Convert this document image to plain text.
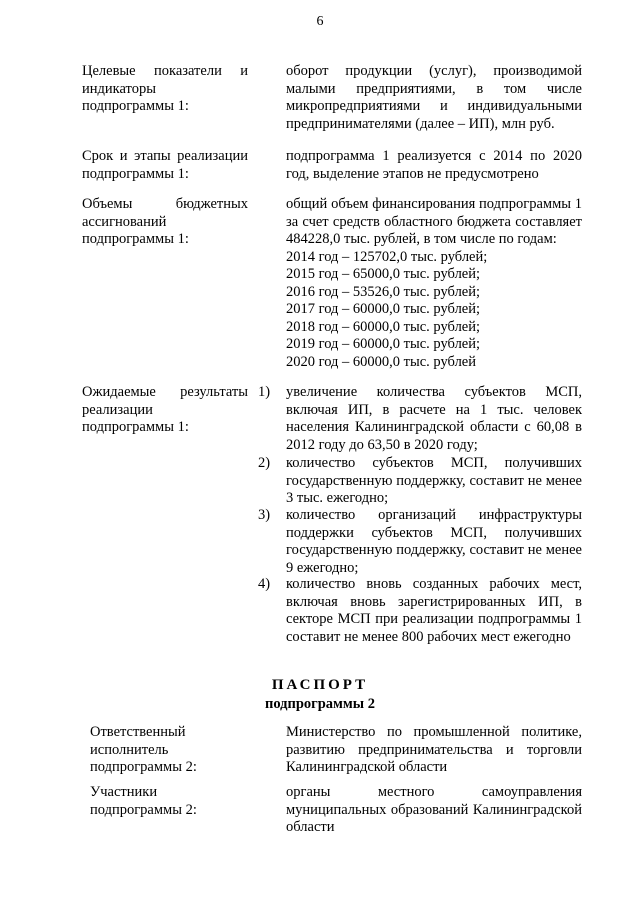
6
Целевые показатели и индикаторы подпрограммы 1:
оборот продукции (услуг), производимой малыми предприятиями, в том числе микропредприятиями и индивидуальными предпринимателями (далее – ИП), млн руб.
Срок и этапы реализации подпрограммы 1:
подпрограмма 1 реализуется с 2014 по 2020 год, выделение этапов не предусмотрено
Объемы бюджетных ассигнований подпрограммы 1:
общий объем финансирования подпрограммы 1 за счет средств областного бюджета составляет 484228,0 тыс. рублей, в том числе по годам:
2014 год – 125702,0 тыс. рублей;
2015 год – 65000,0 тыс. рублей;
2016 год – 53526,0 тыс. рублей;
2017 год – 60000,0 тыс. рублей;
2018 год – 60000,0 тыс. рублей;
2019 год – 60000,0 тыс. рублей;
2020 год – 60000,0 тыс. рублей
Ожидаемые результаты реализации подпрограммы 1:
1)	увеличение количества субъектов МСП, включая ИП, в расчете на 1 тыс. человек населения Калининградской области с 60,08 в 2012 году до 63,50 в 2020 году;
2)	количество субъектов МСП, получивших государственную поддержку, составит не менее 3 тыс. ежегодно;
3)	количество организаций инфраструктуры поддержки субъектов МСП, получивших государственную поддержку, составит не менее 9 ежегодно;
4)	количество вновь созданных рабочих мест, включая вновь зарегистрированных ИП, в секторе МСП при реализации подпрограммы 1 составит не менее 800 рабочих мест ежегодно
ПАСПОРТ
подпрограммы 2
Ответственный исполнитель подпрограммы 2:
Министерство по промышленной политике, развитию предпринимательства и торговли Калининградской области
Участники подпрограммы 2:
органы местного самоуправления муниципальных образований Калининградской области
